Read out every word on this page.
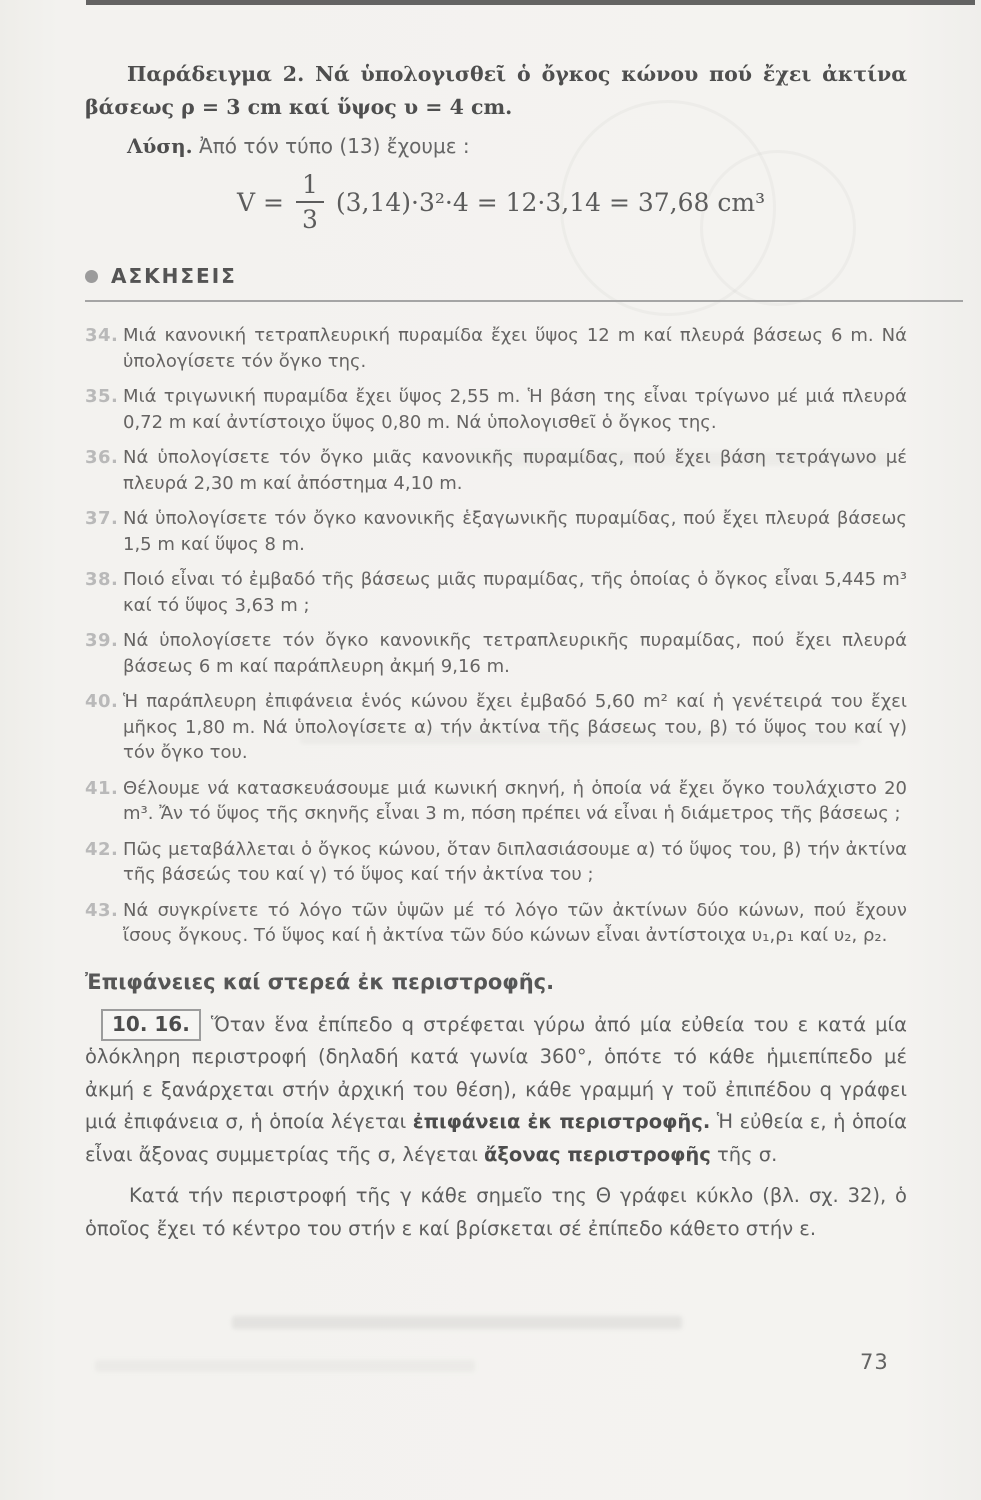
Παράδειγμα 2. Νά ὑπολογισθεῖ ὁ ὄγκος κώνου πού ἔχει ἀκτίνα βάσεως ρ = 3 cm καί ὕψος υ = 4 cm.

Λύση. Ἀπό τόν τύπο (13) ἔχουμε :

$V = \frac{1}{3} (3,14)\cdot 3^2\cdot 4 = 12\cdot 3,14 = 37,68$ cm³
ΑΣΚΗΣΕΙΣ
34. Μιά κανονική τετραπλευρική πυραμίδα ἔχει ὕψος 12 m καί πλευρά βάσεως 6 m. Νά ὑπολογίσετε τόν ὄγκο της.
35. Μιά τριγωνική πυραμίδα ἔχει ὕψος 2,55 m. Ἡ βάση της εἶναι τρίγωνο μέ μιά πλευρά 0,72 m καί ἀντίστοιχο ὕψος 0,80 m. Νά ὑπολογισθεῖ ὁ ὄγκος της.
36. Νά ὑπολογίσετε τόν ὄγκο μιᾶς κανονικῆς πυραμίδας, πού ἔχει βάση τετράγωνο μέ πλευρά 2,30 m καί ἀπόστημα 4,10 m.
37. Νά ὑπολογίσετε τόν ὄγκο κανονικῆς ἑξαγωνικῆς πυραμίδας, πού ἔχει πλευρά βάσεως 1,5 m καί ὕψος 8 m.
38. Ποιό εἶναι τό ἐμβαδό τῆς βάσεως μιᾶς πυραμίδας, τῆς ὁποίας ὁ ὄγκος εἶναι 5,445 m³ καί τό ὕψος 3,63 m ;
39. Νά ὑπολογίσετε τόν ὄγκο κανονικῆς τετραπλευρικῆς πυραμίδας, πού ἔχει πλευρά βάσεως 6 m καί παράπλευρη ἀκμή 9,16 m.
40. Ἡ παράπλευρη ἐπιφάνεια ἑνός κώνου ἔχει ἐμβαδό 5,60 m² καί ἡ γενέτειρά του ἔχει μῆκος 1,80 m. Νά ὑπολογίσετε α) τήν ἀκτίνα τῆς βάσεως του, β) τό ὕψος του καί γ) τόν ὄγκο του.
41. Θέλουμε νά κατασκευάσουμε μιά κωνική σκηνή, ἡ ὁποία νά ἔχει ὄγκο τουλάχιστο 20 m³. Ἄν τό ὕψος τῆς σκηνῆς εἶναι 3 m, πόση πρέπει νά εἶναι ἡ διάμετρος τῆς βάσεως ;
42. Πῶς μεταβάλλεται ὁ ὄγκος κώνου, ὅταν διπλασιάσουμε α) τό ὕψος του, β) τήν ἀκτίνα τῆς βάσεώς του καί γ) τό ὕψος καί τήν ἀκτίνα του ;
43. Νά συγκρίνετε τό λόγο τῶν ὑψῶν μέ τό λόγο τῶν ἀκτίνων δύο κώνων, πού ἔχουν ἴσους ὄγκους. Τό ὕψος καί ἡ ἀκτίνα τῶν δύο κώνων εἶναι ἀντίστοιχα υ₁,ρ₁ καί υ₂, ρ₂.
Ἐπιφάνειες καί στερεά ἐκ περιστροφῆς.

10. 16. Ὅταν ἕνα ἐπίπεδο q στρέφεται γύρω ἀπό μία εὐθεία του ε κατά μία ὁλόκληρη περιστροφή (δηλαδή κατά γωνία 360°, ὁπότε τό κάθε ἡμιεπίπεδο μέ ἀκμή ε ξανάρχεται στήν ἀρχική του θέση), κάθε γραμμή γ τοῦ ἐπιπέδου q γράφει μιά ἐπιφάνεια σ, ἡ ὁποία λέγεται ἐπιφάνεια ἐκ περιστροφῆς. Ἡ εὐθεία ε, ἡ ὁποία εἶναι ἄξονας συμμετρίας τῆς σ, λέγεται ἄξονας περιστροφῆς τῆς σ.

Κατά τήν περιστροφή τῆς γ κάθε σημεῖο της Θ γράφει κύκλο (βλ. σχ. 32), ὁ ὁποῖος ἔχει τό κέντρο του στήν ε καί βρίσκεται σέ ἐπίπεδο κάθετο στήν ε.

73
